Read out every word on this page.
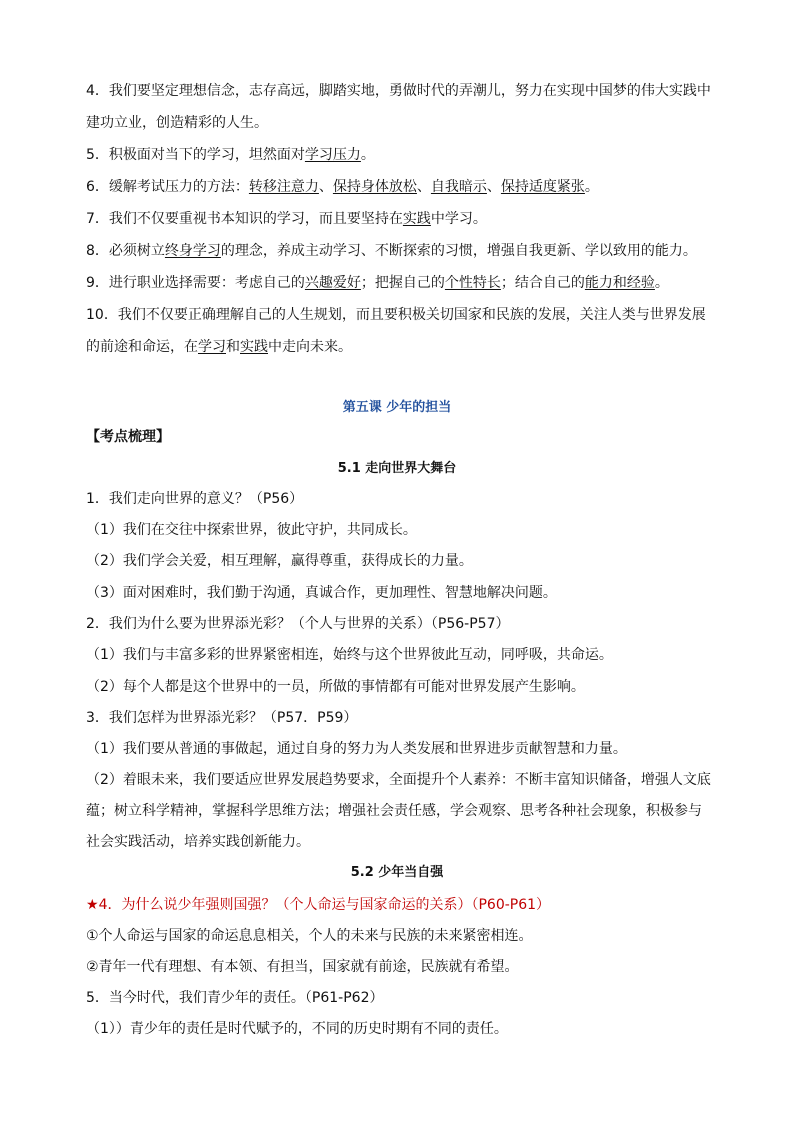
4．我们要坚定理想信念，志存高远，脚踏实地，勇做时代的弄潮儿，努力在实现中国梦的伟大实践中
建功立业，创造精彩的人生。
5．积极面对当下的学习，坦然面对学习压力。
6．缓解考试压力的方法：转移注意力、保持身体放松、自我暗示、保持适度紧张。
7．我们不仅要重视书本知识的学习，而且要坚持在实践中学习。
8．必须树立终身学习的理念，养成主动学习、不断探索的习惯，增强自我更新、学以致用的能力。
9．进行职业选择需要：考虑自己的兴趣爱好；把握自己的个性特长；结合自己的能力和经验。
10．我们不仅要正确理解自己的人生规划，而且要积极关切国家和民族的发展，关注人类与世界发展
的前途和命运，在学习和实践中走向未来。
第五课 少年的担当
【考点梳理】
5.1 走向世界大舞台
1．我们走向世界的意义？（P56）
（1）我们在交往中探索世界，彼此守护，共同成长。
（2）我们学会关爱，相互理解，赢得尊重，获得成长的力量。
（3）面对困难时，我们勤于沟通，真诚合作，更加理性、智慧地解决问题。
2．我们为什么要为世界添光彩？（个人与世界的关系）（P56-P57）
（1）我们与丰富多彩的世界紧密相连，始终与这个世界彼此互动，同呼吸，共命运。
（2）每个人都是这个世界中的一员，所做的事情都有可能对世界发展产生影响。
3．我们怎样为世界添光彩？（P57．P59）
（1）我们要从普通的事做起，通过自身的努力为人类发展和世界进步贡献智慧和力量。
（2）着眼未来，我们要适应世界发展趋势要求，全面提升个人素养：不断丰富知识储备，增强人文底
蕴；树立科学精神，掌握科学思维方法；增强社会责任感，学会观察、思考各种社会现象，积极参与
社会实践活动，培养实践创新能力。
5.2 少年当自强
★4．为什么说少年强则国强？（个人命运与国家命运的关系）（P60-P61）
①个人命运与国家的命运息息相关，个人的未来与民族的未来紧密相连。
②青年一代有理想、有本领、有担当，国家就有前途，民族就有希望。
5．当今时代，我们青少年的责任。（P61-P62）
（1））青少年的责任是时代赋予的，不同的历史时期有不同的责任。
